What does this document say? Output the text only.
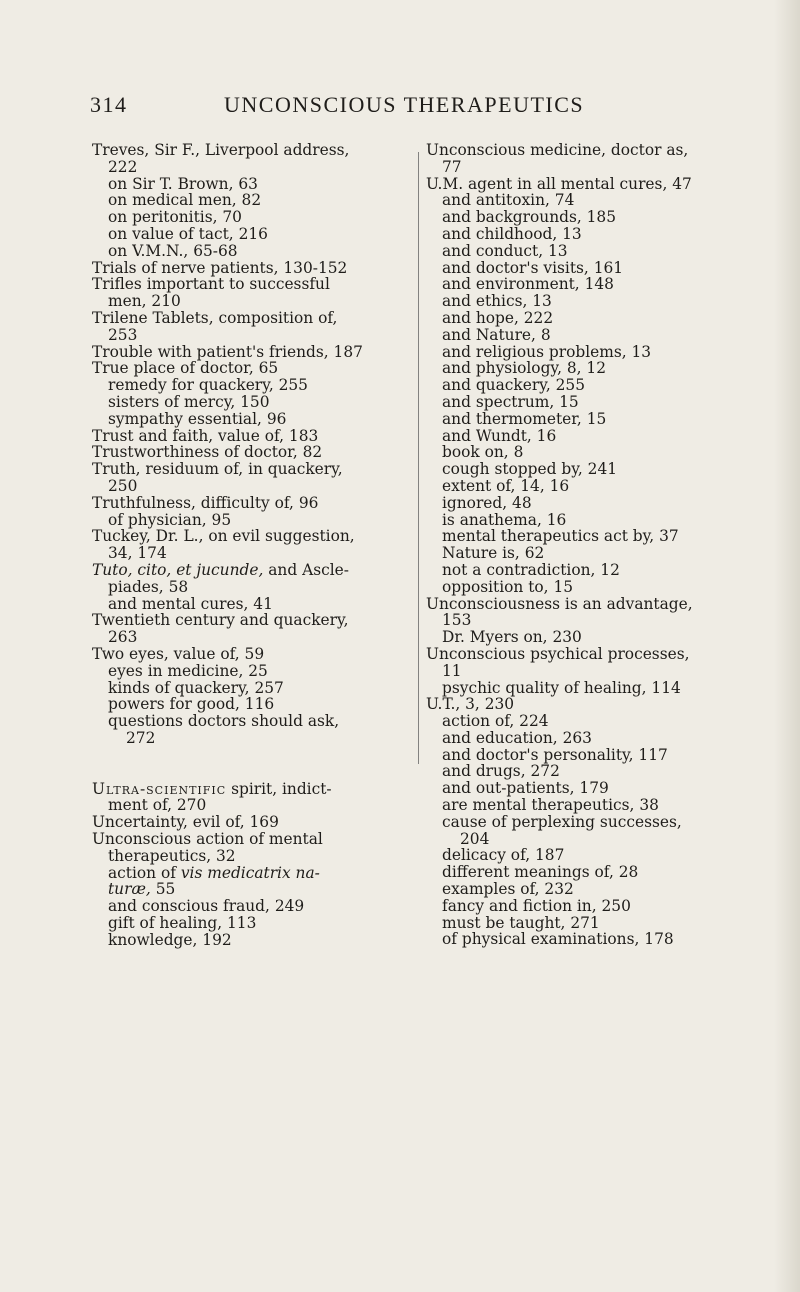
314	UNCONSCIOUS THERAPEUTICS
Treves, Sir F., Liverpool address,
222
on Sir T. Brown, 63
on medical men, 82
on peritonitis, 70
on value of tact, 216
on V.M.N., 65-68
Trials of nerve patients, 130-152
Trifles important to successful
men, 210
Trilene Tablets, composition of,
253
Trouble with patient's friends, 187
True place of doctor, 65
remedy for quackery, 255
sisters of mercy, 150
sympathy essential, 96
Trust and faith, value of, 183
Trustworthiness of doctor, 82
Truth, residuum of, in quackery,
250
Truthfulness, difficulty of, 96
of physician, 95
Tuckey, Dr. L., on evil suggestion,
34, 174
Tuto, cito, et jucunde, and Ascle-
piades, 58
and mental cures, 41
Twentieth century and quackery,
263
Two eyes, value of, 59
eyes in medicine, 25
kinds of quackery, 257
powers for good, 116
questions doctors should ask,
272
Ultra-scientific spirit, indict-
ment of, 270
Uncertainty, evil of, 169
Unconscious action of mental
therapeutics, 32
action of vis medicatrix na-
turæ, 55
and conscious fraud, 249
gift of healing, 113
knowledge, 192
Unconscious medicine, doctor as,
77
U.M. agent in all mental cures, 47
and antitoxin, 74
and backgrounds, 185
and childhood, 13
and conduct, 13
and doctor's visits, 161
and environment, 148
and ethics, 13
and hope, 222
and Nature, 8
and religious problems, 13
and physiology, 8, 12
and quackery, 255
and spectrum, 15
and thermometer, 15
and Wundt, 16
book on, 8
cough stopped by, 241
extent of, 14, 16
ignored, 48
is anathema, 16
mental therapeutics act by, 37
Nature is, 62
not a contradiction, 12
opposition to, 15
Unconsciousness is an advantage,
153
Dr. Myers on, 230
Unconscious psychical processes,
11
psychic quality of healing, 114
U.T., 3, 230
action of, 224
and education, 263
and doctor's personality, 117
and drugs, 272
and out-patients, 179
are mental therapeutics, 38
cause of perplexing successes,
204
delicacy of, 187
different meanings of, 28
examples of, 232
fancy and fiction in, 250
must be taught, 271
of physical examinations, 178
